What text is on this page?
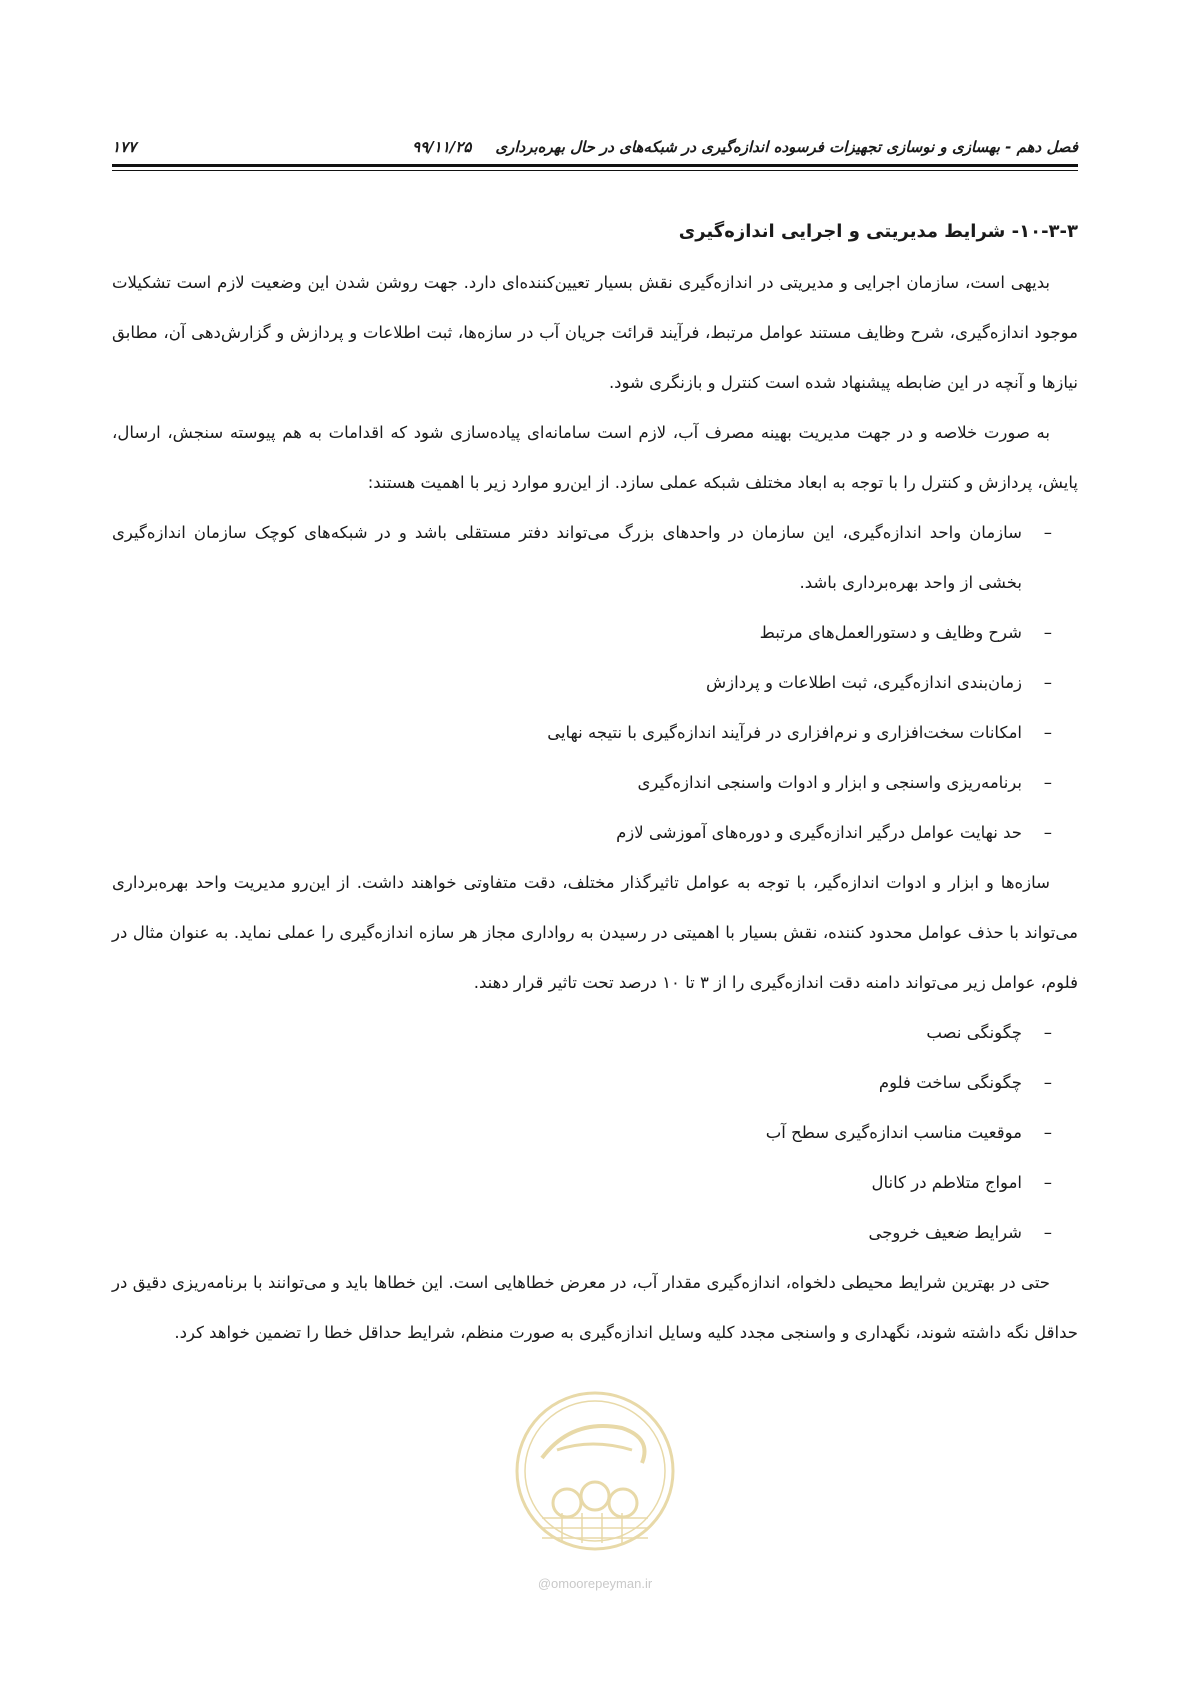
فصل دهم - بهسازی و نوسازی تجهیزات فرسوده اندازه‌گیری در شبکه‌های در حال بهره‌برداری
۹۹/۱۱/۲۵
۱۷۷
۱۰-۳-۳- شرایط مدیریتی و اجرایی اندازه‌گیری

بدیهی است، سازمان اجرایی و مدیریتی در اندازه‌گیری نقش بسیار تعیین‌کننده‌ای دارد. جهت روشن شدن این وضعیت لازم است تشکیلات موجود اندازه‌گیری، شرح وظایف مستند عوامل مرتبط، فرآیند قرائت جریان آب در سازه‌ها، ثبت اطلاعات و پردازش و گزارش‌دهی آن، مطابق نیازها و آنچه در این ضابطه پیشنهاد شده است کنترل و بازنگری شود.

به صورت خلاصه و در جهت مدیریت بهینه مصرف آب، لازم است سامانه‌ای پیاده‌سازی شود که اقدامات به هم پیوسته سنجش، ارسال، پایش، پردازش و کنترل را با توجه به ابعاد مختلف شبکه عملی سازد. از این‌رو موارد زیر با اهمیت هستند:

–
سازمان واحد اندازه‌گیری، این سازمان در واحدهای بزرگ می‌تواند دفتر مستقلی باشد و در شبکه‌های کوچک سازمان اندازه‌گیری بخشی از واحد بهره‌برداری باشد.
–
شرح وظایف و دستورالعمل‌های مرتبط
–
زمان‌بندی اندازه‌گیری، ثبت اطلاعات و پردازش
–
امکانات سخت‌افزاری و نرم‌افزاری در فرآیند اندازه‌گیری با نتیجه نهایی
–
برنامه‌ریزی واسنجی و ابزار و ادوات واسنجی اندازه‌گیری
–
حد نهایت عوامل درگیر اندازه‌گیری و دوره‌های آموزشی لازم

سازه‌ها و ابزار و ادوات اندازه‌گیر، با توجه به عوامل تاثیرگذار مختلف، دقت متفاوتی خواهند داشت. از این‌رو مدیریت واحد بهره‌برداری می‌تواند با حذف عوامل محدود کننده، نقش بسیار با اهمیتی در رسیدن به رواداری مجاز هر سازه اندازه‌گیری را عملی نماید. به عنوان مثال در فلوم، عوامل زیر می‌تواند دامنه دقت اندازه‌گیری را از ۳ تا ۱۰ درصد تحت تاثیر قرار دهند.

–
چگونگی نصب
–
چگونگی ساخت فلوم
–
موقعیت مناسب اندازه‌گیری سطح آب
–
امواج متلاطم در کانال
–
شرایط ضعیف خروجی

حتی در بهترین شرایط محیطی دلخواه، اندازه‌گیری مقدار آب، در معرض خطاهایی است. این خطاها باید و می‌توانند با برنامه‌ریزی دقیق در حداقل نگه داشته شوند، نگهداری و واسنجی مجدد کلیه وسایل اندازه‌گیری به صورت منظم، شرایط حداقل خطا را تضمین خواهد کرد.

@omoorepeyman.ir
